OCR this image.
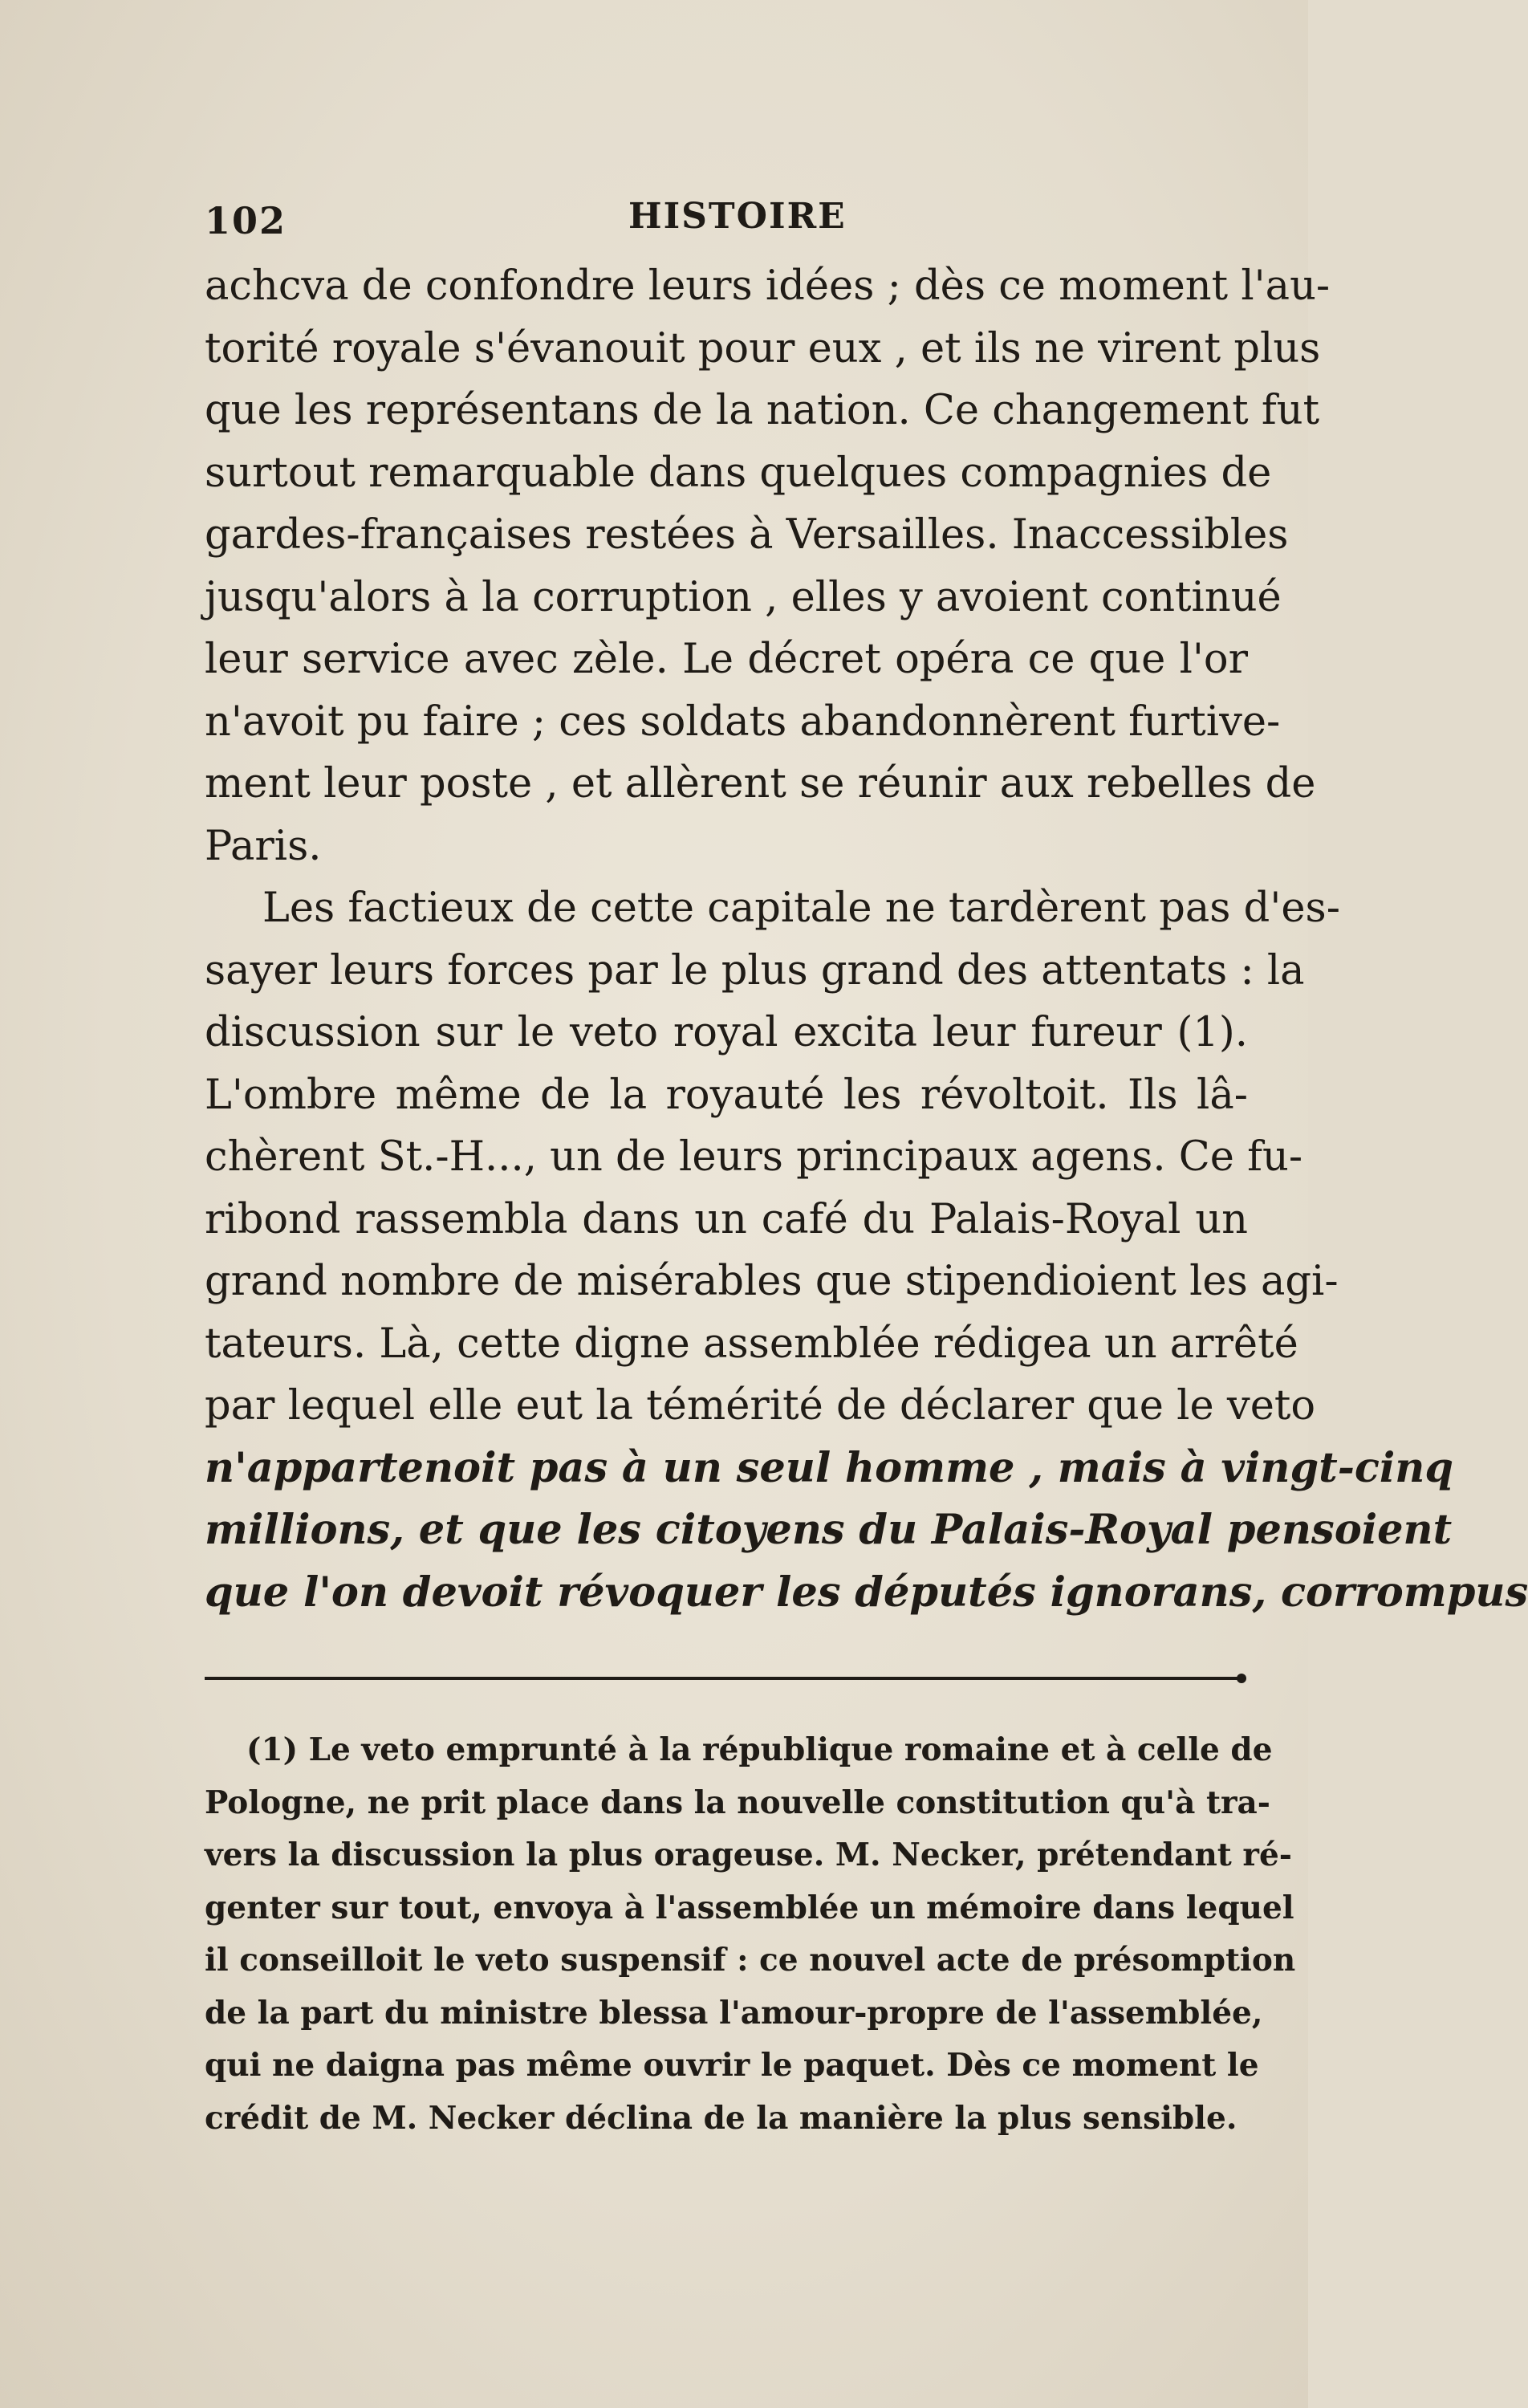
102	HISTOIRE
achcva de confondre leurs idées ; dès ce moment l'au-
torité royale s'évanouit pour eux , et ils ne virent plus
que les représentans de la nation. Ce changement fut
surtout remarquable dans quelques compagnies de
gardes-françaises restées à Versailles. Inaccessibles
jusqu'alors à la corruption , elles y avoient continué
leur service avec zèle. Le décret opéra ce que l'or
n'avoit pu faire ; ces soldats abandonnèrent furtive-
ment leur poste , et allèrent se réunir aux rebelles de
Paris.
Les factieux de cette capitale ne tardèrent pas d'es-
sayer leurs forces par le plus grand des attentats : la
discussion sur le veto royal excita leur fureur (1).
L'ombre même de la royauté les révoltoit. Ils lâ-
chèrent St.-H..., un de leurs principaux agens. Ce fu-
ribond rassembla dans un café du Palais-Royal un
grand nombre de misérables que stipendioient les agi-
tateurs. Là, cette digne assemblée rédigea un arrêté
par lequel elle eut la témérité de déclarer que le veto
n'appartenoit pas à un seul homme , mais à vingt-cinq
millions, et que les citoyens du Palais-Royal pensoient
que l'on devoit révoquer les députés ignorans, corrompus
(1) Le veto emprunté à la république romaine et à celle de
Pologne, ne prit place dans la nouvelle constitution qu'à tra-
vers la discussion la plus orageuse. M. Necker, prétendant ré-
genter sur tout, envoya à l'assemblée un mémoire dans lequel
il conseilloit le veto suspensif : ce nouvel acte de présomption
de la part du ministre blessa l'amour-propre de l'assemblée,
qui ne daigna pas même ouvrir le paquet. Dès ce moment le
crédit de M. Necker déclina de la manière la plus sensible.
